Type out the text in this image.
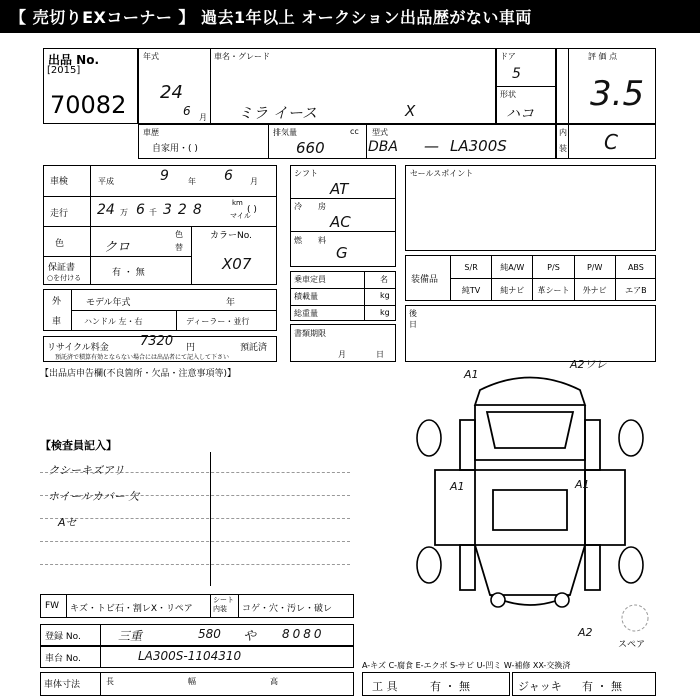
【 売切りEXコーナー 】 過去1年以上 オークション出品歴がない車両
出品 No.
[2015]
70082
年式
24
6 月
車名・グレード
ミラ イース	X
ドア
5
形状
ハコ
評 価 点
3.5
車歴
自家用・( )
排気量	cc
660
型式
DBA — LA300S
内
装 C
車検	平成	9 年 6 月
走行 24 万 6 千 328	km
マイル
( )
色	クロ
色
替
カラーNo.
X07
保証書
○を付ける	有 ・ 無
外
車
モデル年式	年
ハンドル 左・右	ディーラー・並行
リサイクル料金 7320 円	預託済
預託済で積算有効とならない場合には出品者にて記入して下さい
シフト
AT
冷 房
AC
燃 料
G
乗車定員	名
積載量	kg
総重量	kg
書類期限
月	日
セールスポイント
装備品
S/R	純A/W	P/S	P/W	ABS
純TV	純ナビ	革シート	外ナビ	エアB
後日
【出品店申告欄(不良箇所・欠品・注意事項等)】
【検査員記入】
クシーキズアリ
ホイールカバー 欠
Aセ
A1
A2ワレ
A1	A1
A2
スペア
FW キズ・トビ石・割レX・リペア
シート内装	コゲ・穴・汚レ・破レ
登録 No.	三重	580 や 8080
車台 No.	LA300S-1104310
A-キズ C-腐食 E-エクボ S-サビ U-凹ミ W-補修 XX-交換済
車体寸法	長	幅	高	工 具	有 ・ 無	ジャッキ 有 ・ 無
